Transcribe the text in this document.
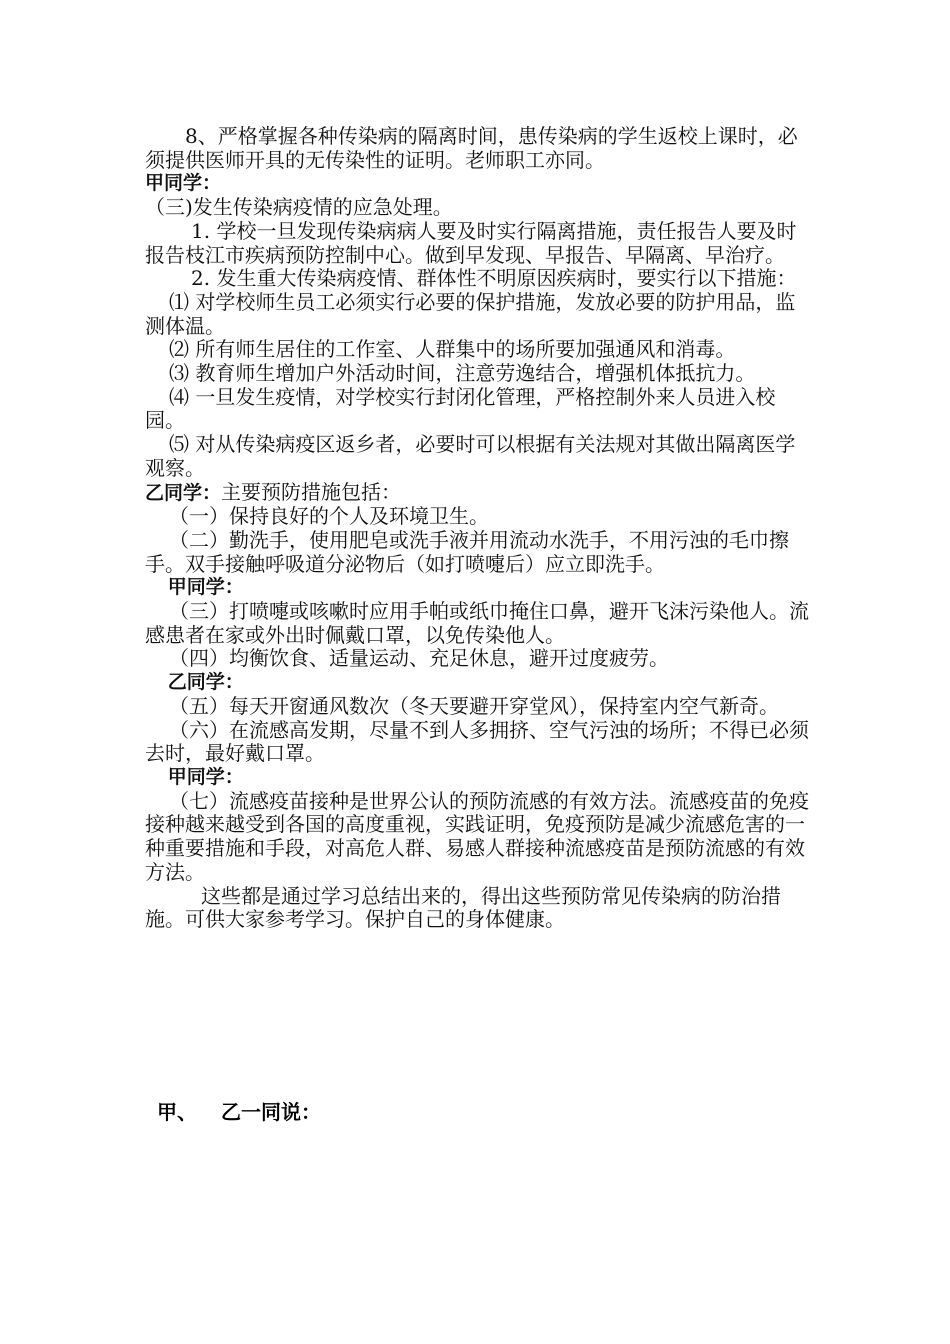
8、严格掌握各种传染病的隔离时间，患传染病的学生返校上课时，必须提供医师开具的无传染性的证明。老师职工亦同。

甲同学：

（三)发生传染病疫情的应急处理。

1. 学校一旦发现传染病病人要及时实行隔离措施，责任报告人要及时报告枝江市疾病预防控制中心。做到早发现、早报告、早隔离、早治疗。

2. 发生重大传染病疫情、群体性不明原因疾病时，要实行以下措施：

⑴ 对学校师生员工必须实行必要的保护措施，发放必要的防护用品，监测体温。

⑵ 所有师生居住的工作室、人群集中的场所要加强通风和消毒。

⑶ 教育师生增加户外活动时间，注意劳逸结合，增强机体抵抗力。

⑷ 一旦发生疫情，对学校实行封闭化管理，严格控制外来人员进入校园。

⑸ 对从传染病疫区返乡者，必要时可以根据有关法规对其做出隔离医学观察。

乙同学：主要预防措施包括：

（一）保持良好的个人及环境卫生。

（二）勤洗手，使用肥皂或洗手液并用流动水洗手，不用污浊的毛巾擦手。双手接触呼吸道分泌物后（如打喷嚏后）应立即洗手。

甲同学：

（三）打喷嚏或咳嗽时应用手帕或纸巾掩住口鼻，避开飞沫污染他人。流感患者在家或外出时佩戴口罩，以免传染他人。

（四）均衡饮食、适量运动、充足休息，避开过度疲劳。

乙同学：

（五）每天开窗通风数次（冬天要避开穿堂风），保持室内空气新奇。

（六）在流感高发期，尽量不到人多拥挤、空气污浊的场所；不得已必须去时，最好戴口罩。

甲同学：

（七）流感疫苗接种是世界公认的预防流感的有效方法。流感疫苗的免疫接种越来越受到各国的高度重视，实践证明，免疫预防是减少流感危害的一种重要措施和手段，对高危人群、易感人群接种流感疫苗是预防流感的有效方法。

这些都是通过学习总结出来的，得出这些预防常见传染病的防治措施。可供大家参考学习。保护自己的身体健康。

甲、 乙一同说：
